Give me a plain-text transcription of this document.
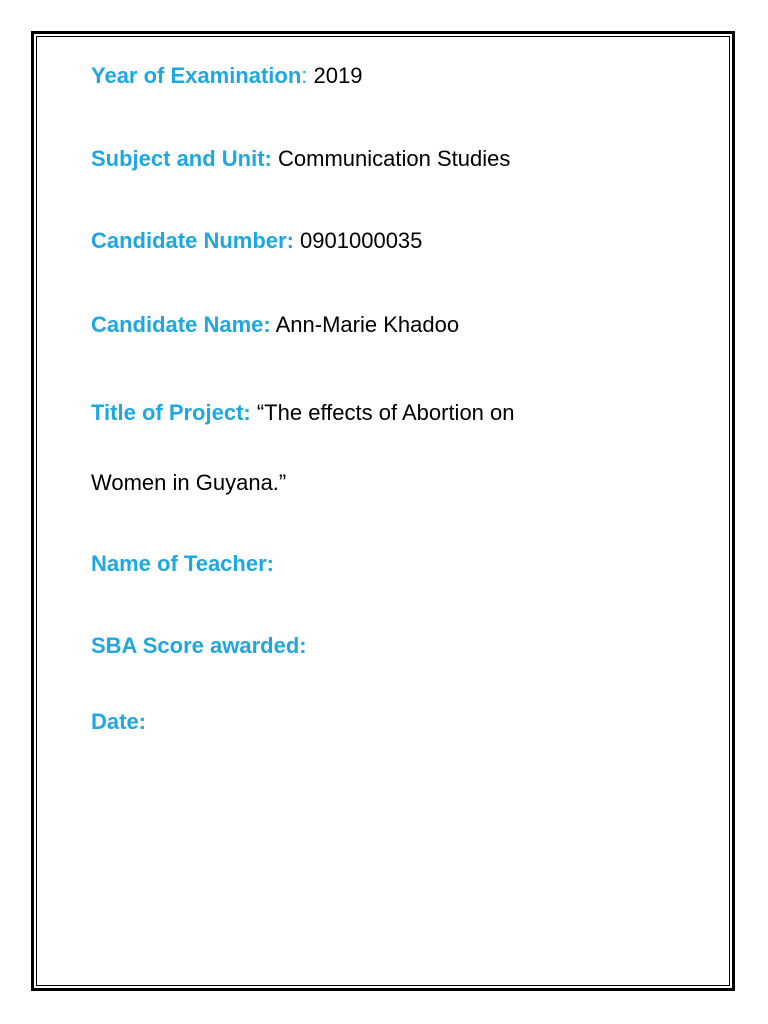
Year of Examination: 2019
Subject and Unit: Communication Studies
Candidate Number: 0901000035
Candidate Name: Ann-Marie Khadoo
Title of Project: “The effects of Abortion on
Women in Guyana.”
Name of Teacher:
SBA Score awarded:
Date:
